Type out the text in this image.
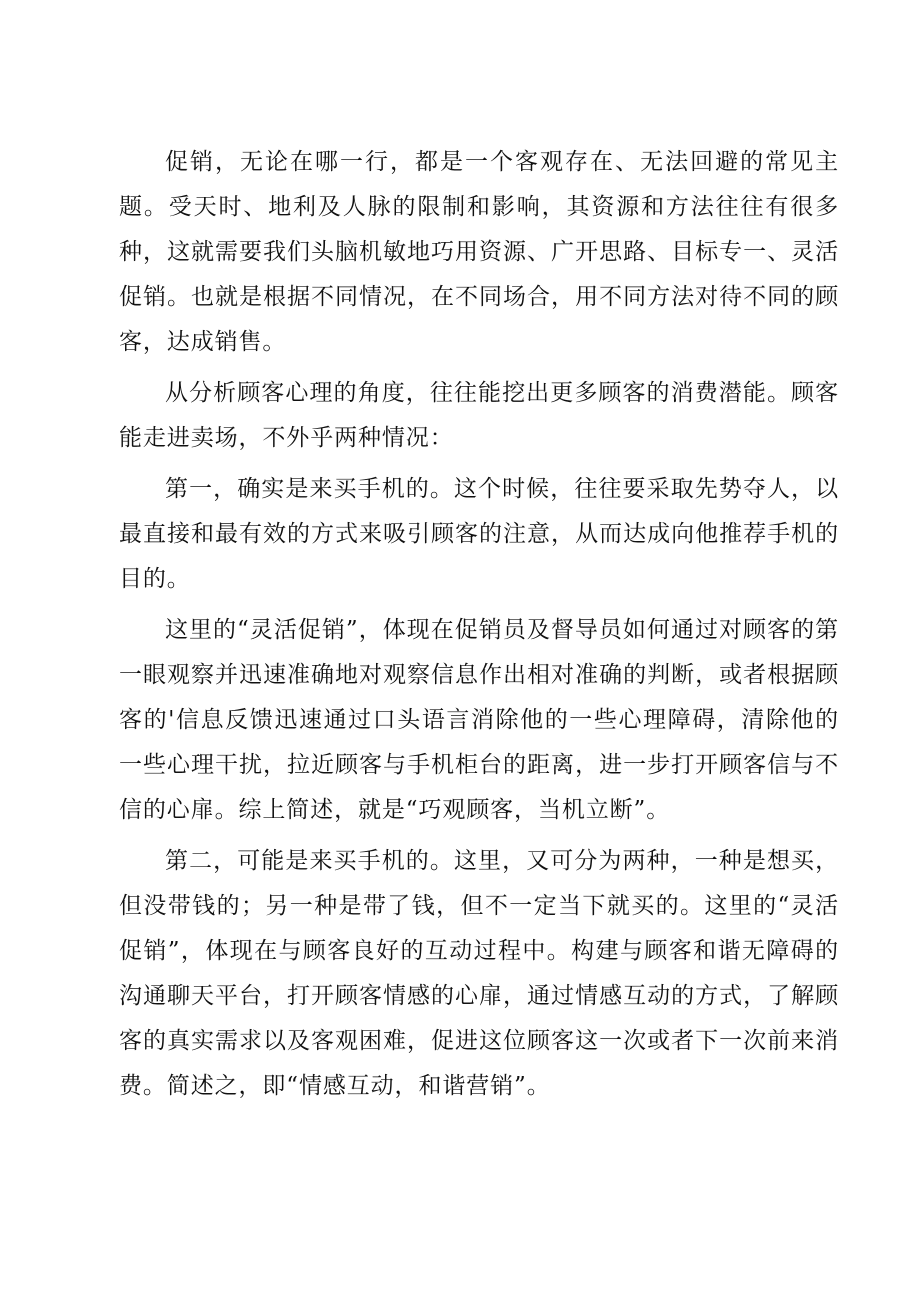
促销，无论在哪一行，都是一个客观存在、无法回避的常见主题。受天时、地利及人脉的限制和影响，其资源和方法往往有很多种，这就需要我们头脑机敏地巧用资源、广开思路、目标专一、灵活促销。也就是根据不同情况，在不同场合，用不同方法对待不同的顾客，达成销售。

从分析顾客心理的角度，往往能挖出更多顾客的消费潜能。顾客能走进卖场，不外乎两种情况：

第一，确实是来买手机的。这个时候，往往要采取先势夺人，以最直接和最有效的方式来吸引顾客的注意，从而达成向他推荐手机的目的。

这里的“灵活促销”，体现在促销员及督导员如何通过对顾客的第一眼观察并迅速准确地对观察信息作出相对准确的判断，或者根据顾客的'信息反馈迅速通过口头语言消除他的一些心理障碍，清除他的一些心理干扰，拉近顾客与手机柜台的距离，进一步打开顾客信与不信的心扉。综上简述，就是“巧观顾客，当机立断”。

第二，可能是来买手机的。这里，又可分为两种，一种是想买，但没带钱的；另一种是带了钱，但不一定当下就买的。这里的“灵活促销”，体现在与顾客良好的互动过程中。构建与顾客和谐无障碍的沟通聊天平台，打开顾客情感的心扉，通过情感互动的方式，了解顾客的真实需求以及客观困难，促进这位顾客这一次或者下一次前来消费。简述之，即“情感互动，和谐营销”。
